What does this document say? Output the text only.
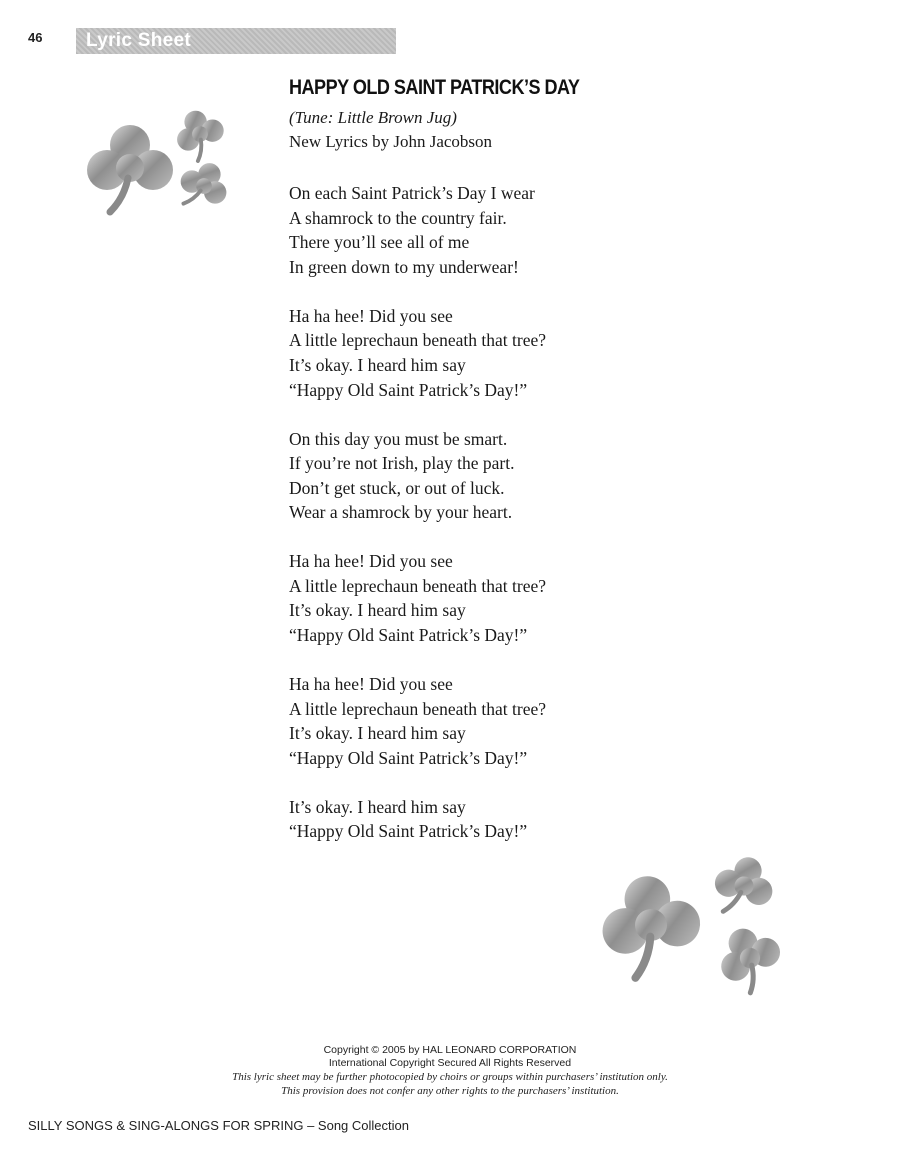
46 Lyric Sheet
HAPPY OLD SAINT PATRICK’S DAY
(Tune: Little Brown Jug)
New Lyrics by John Jacobson
On each Saint Patrick’s Day I wear
A shamrock to the country fair.
There you’ll see all of me
In green down to my underwear!
Ha ha hee! Did you see
A little leprechaun beneath that tree?
It’s okay. I heard him say
“Happy Old Saint Patrick’s Day!”
On this day you must be smart.
If you’re not Irish, play the part.
Don’t get stuck, or out of luck.
Wear a shamrock by your heart.
Ha ha hee! Did you see
A little leprechaun beneath that tree?
It’s okay. I heard him say
“Happy Old Saint Patrick’s Day!”
Ha ha hee! Did you see
A little leprechaun beneath that tree?
It’s okay. I heard him say
“Happy Old Saint Patrick’s Day!”
It’s okay. I heard him say
“Happy Old Saint Patrick’s Day!”
Copyright © 2005 by HAL LEONARD CORPORATION
International Copyright Secured All Rights Reserved
This lyric sheet may be further photocopied by choirs or groups within purchasers’ institution only.
This provision does not confer any other rights to the purchasers’ institution.
SILLY SONGS & SING-ALONGS FOR SPRING – Song Collection
